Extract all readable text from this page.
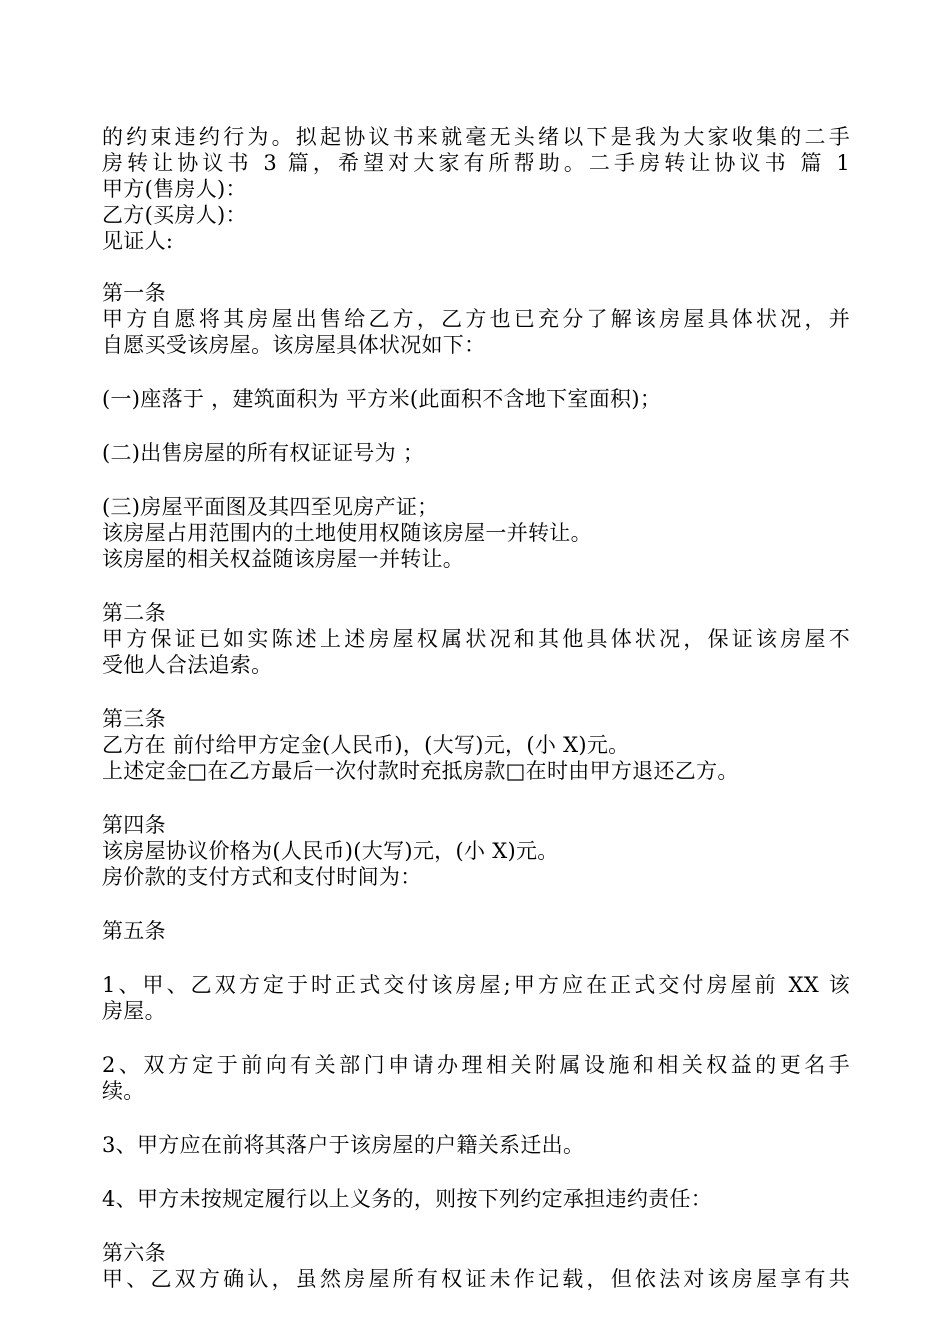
的约束违约行为。拟起协议书来就毫无头绪以下是我为大家收集的二手
房转让协议书 3 篇，希望对大家有所帮助。二手房转让协议书 篇 1
甲方(售房人)：
乙方(买房人)：
见证人:
第一条
甲方自愿将其房屋出售给乙方，乙方也已充分了解该房屋具体状况，并
自愿买受该房屋。该房屋具体状况如下：
(一)座落于 ，建筑面积为 平方米(此面积不含地下室面积)；
(二)出售房屋的所有权证证号为 ；
(三)房屋平面图及其四至见房产证；
该房屋占用范围内的土地使用权随该房屋一并转让。
该房屋的相关权益随该房屋一并转让。
第二条
甲方保证已如实陈述上述房屋权属状况和其他具体状况，保证该房屋不
受他人合法追索。
第三条
乙方在 前付给甲方定金(人民币)，(大写)元，(小 X)元。
上述定金□在乙方最后一次付款时充抵房款□在时由甲方退还乙方。
第四条
该房屋协议价格为(人民币)(大写)元，(小 X)元。
房价款的支付方式和支付时间为：
第五条
1、甲、乙双方定于时正式交付该房屋;甲方应在正式交付房屋前 XX 该
房屋。
2、双方定于前向有关部门申请办理相关附属设施和相关权益的更名手
续。
3、甲方应在前将其落户于该房屋的户籍关系迁出。
4、甲方未按规定履行以上义务的，则按下列约定承担违约责任：
第六条
甲、乙双方确认，虽然房屋所有权证未作记载，但依法对该房屋享有共
